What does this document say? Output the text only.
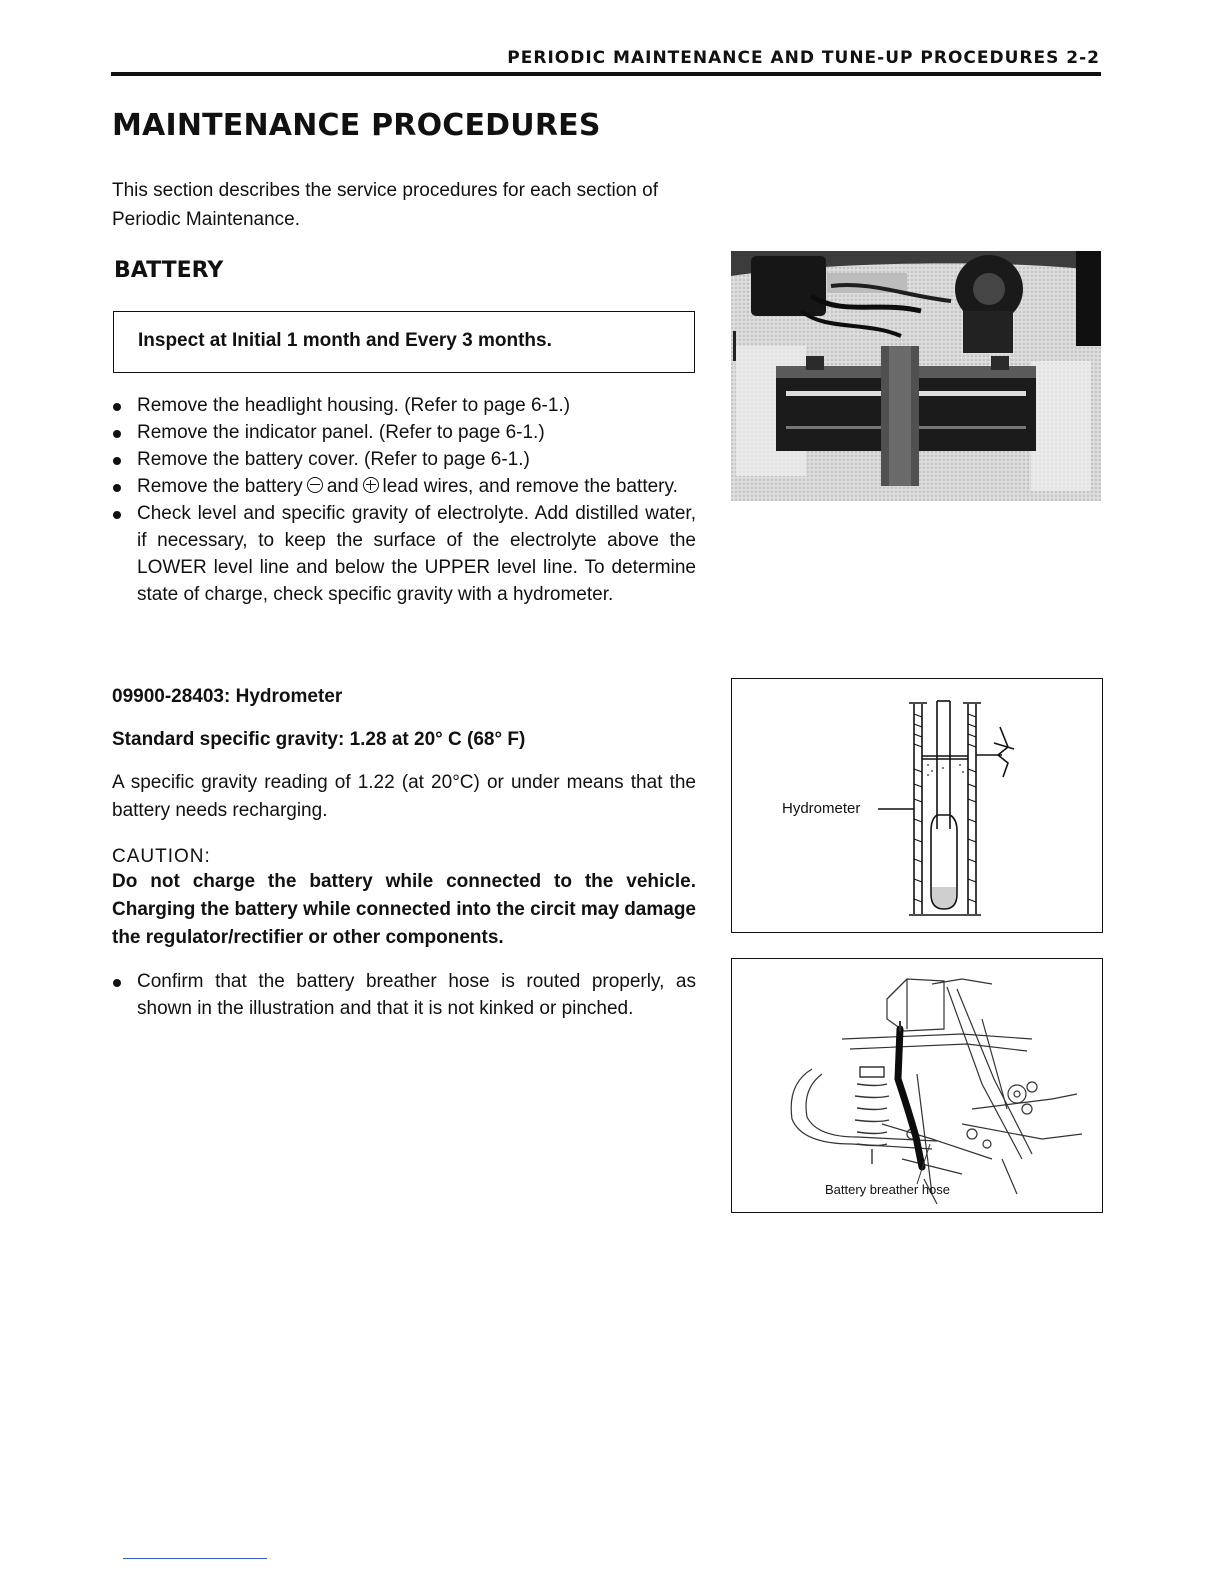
PERIODIC MAINTENANCE AND TUNE-UP PROCEDURES 2-2
MAINTENANCE PROCEDURES
This section describes the service procedures for each section of Periodic Maintenance.
BATTERY
Inspect at Initial 1 month and Every 3 months.
Remove the headlight housing. (Refer to page 6-1.)
Remove the indicator panel. (Refer to page 6-1.)
Remove the battery cover. (Refer to page 6-1.)
Remove the battery and lead wires, and remove the battery.
Check level and specific gravity of electrolyte. Add distilled water, if necessary, to keep the surface of the electrolyte above the LOWER level line and below the UPPER level line. To determine state of charge, check specific gravity with a hydrometer.
09900-28403: Hydrometer
Standard specific gravity: 1.28 at 20° C (68° F)
A specific gravity reading of 1.22 (at 20°C) or under means that the battery needs recharging.
CAUTION:
Do not charge the battery while connected to the vehicle. Charging the battery while connected into the circit may damage the regulator/rectifier or other components.
Confirm that the battery breather hose is routed properly, as shown in the illustration and that it is not kinked or pinched.
Hydrometer
Battery breather hose
